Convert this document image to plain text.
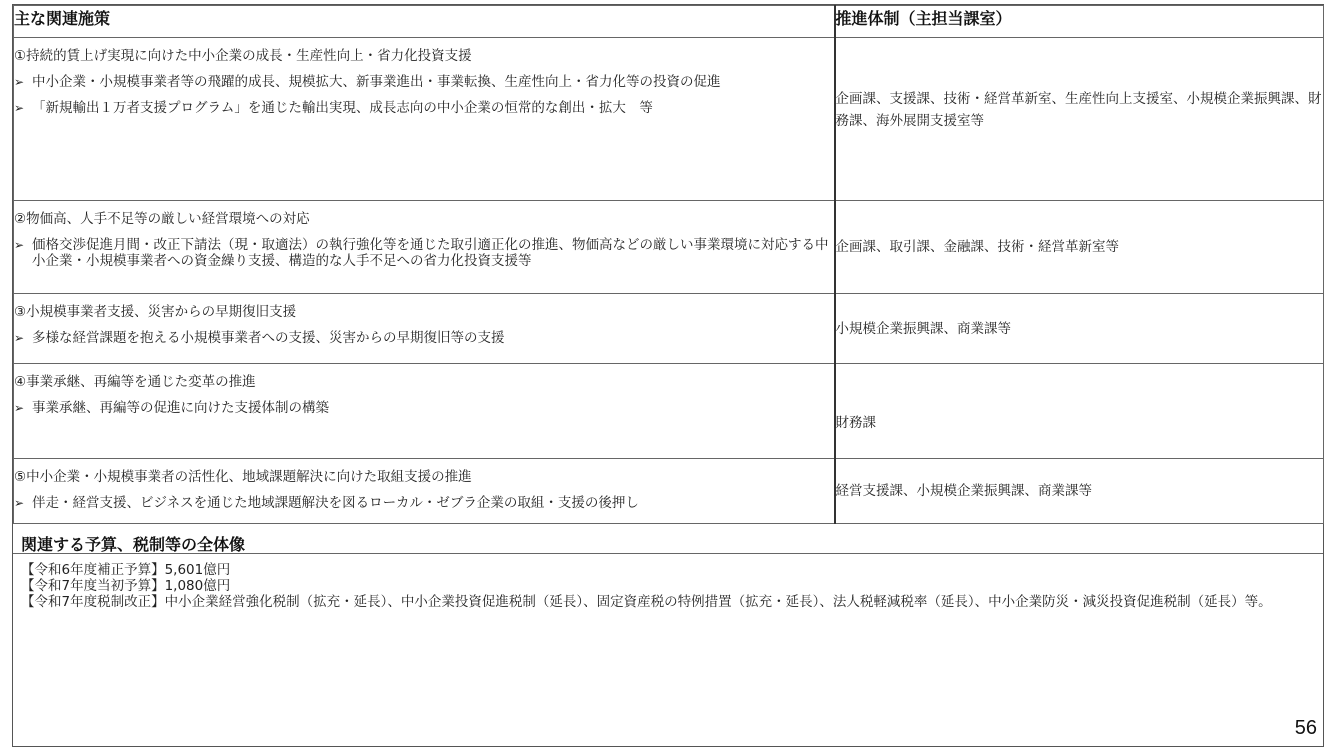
主な関連施策	推進体制（主担当課室）

①持続的賃上げ実現に向けた中小企業の成長・生産性向上・省力化投資支援
➢ 中小企業・小規模事業者等の飛躍的成長、規模拡大、新事業進出・事業転換、生産性向上・省力化等の投資の促進
➢ 「新規輸出１万者支援プログラム」を通じた輸出実現、成長志向の中小企業の恒常的な創出・拡大　等	企画課、支援課、技術・経営革新室、生産性向上支援室、小規模企業振興課、財務課、海外展開支援室等

②物価高、人手不足等の厳しい経営環境への対応
➢ 価格交渉促進月間・改正下請法（現・取適法）の執行強化等を通じた取引適正化の推進、物価高などの厳しい事業環境に対応する中小企業・小規模事業者への資金繰り支援、構造的な人手不足への省力化投資支援等	企画課、取引課、金融課、技術・経営革新室等

③小規模事業者支援、災害からの早期復旧支援
➢ 多様な経営課題を抱える小規模事業者への支援、災害からの早期復旧等の支援	小規模企業振興課、商業課等

④事業承継、再編等を通じた変革の推進
➢ 事業承継、再編等の促進に向けた支援体制の構築	財務課

⑤中小企業・小規模事業者の活性化、地域課題解決に向けた取組支援の推進
➢ 伴走・経営支援、ビジネスを通じた地域課題解決を図るローカル・ゼブラ企業の取組・支援の後押し	経営支援課、小規模企業振興課、商業課等
関連する予算、税制等の全体像
【令和6年度補正予算】5,601億円
【令和7年度当初予算】1,080億円
【令和7年度税制改正】中小企業経営強化税制（拡充・延長）、中小企業投資促進税制（延長）、固定資産税の特例措置（拡充・延長）、法人税軽減税率（延長）、中小企業防災・減災投資促進税制（延長）等。
56
